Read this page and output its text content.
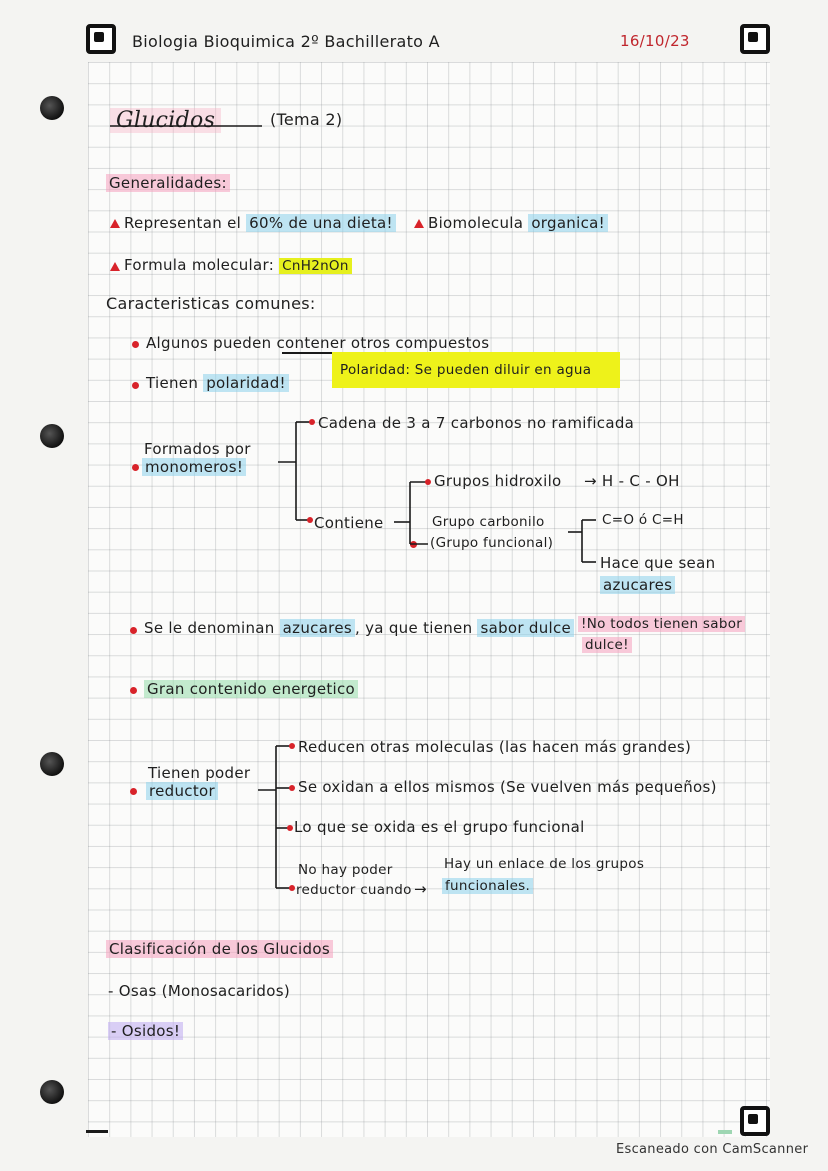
Biologia Bioquimica 2º Bachillerato A	16/10/23
Glucidos	(Tema 2)
Generalidades:
Representan el 60% de una dieta! Biomolecula organica!
Formula molecular: CnH2nOn
Caracteristicas comunes:
Algunos pueden contener otros compuestos
Tienen polaridad!
Polaridad: Se pueden diluir en agua
Formados por
monomeros!
Cadena de 3 a 7 carbonos no ramificada
Contiene
Grupos hidroxilo → H - C - OH
Grupo carbonilo
(Grupo funcional)
C=O ó C=H
Hace que sean
azucares
Se le denominan azucares , ya que tienen sabor dulce !No todos tienen sabor
dulce!
Gran contenido energetico
Tienen poder
reductor
Reducen otras moleculas (las hacen más grandes)
Se oxidan a ellos mismos (Se vuelven más pequeños)
Lo que se oxida es el grupo funcional
No hay poder
reductor cuando →
Hay un enlace de los grupos
funcionales.
Clasificación de los Glucidos
- Osas (Monosacaridos)
- Osidos!
Escaneado con CamScanner
